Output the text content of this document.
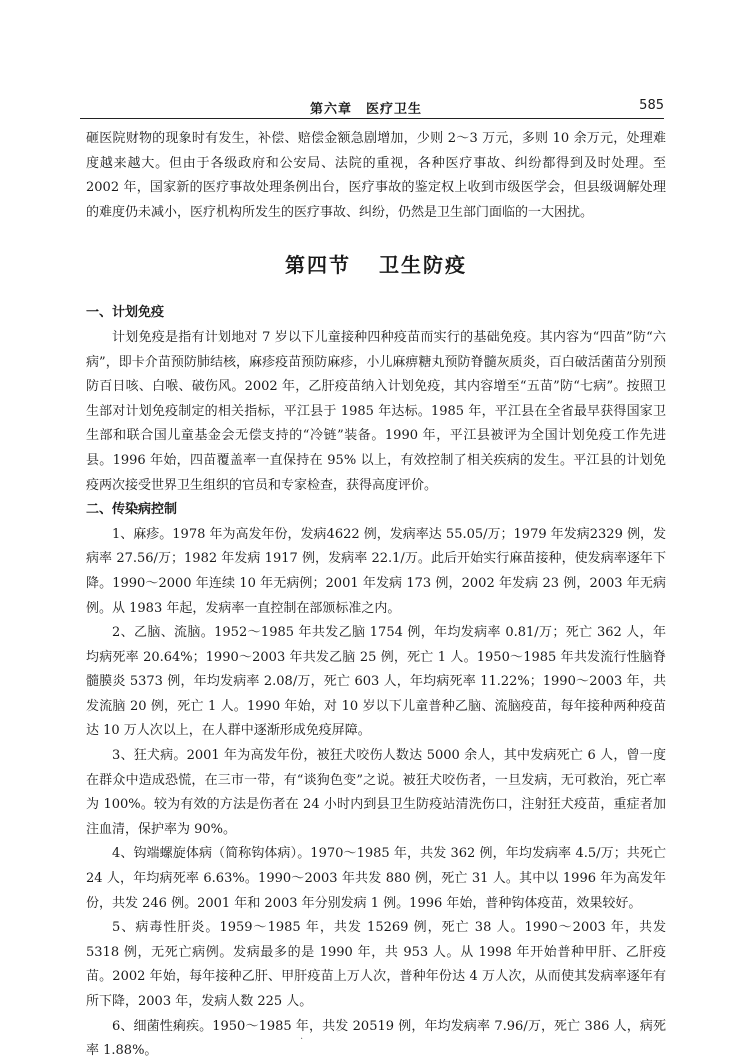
第六章　医疗卫生	585

砸医院财物的现象时有发生，补偿、赔偿金额急剧增加，少则 2～3 万元，多则 10 余万元，处理难度越来越大。但由于各级政府和公安局、法院的重视，各种医疗事故、纠纷都得到及时处理。至 2002 年，国家新的医疗事故处理条例出台，医疗事故的鉴定权上收到市级医学会，但县级调解处理的难度仍未减小，医疗机构所发生的医疗事故、纠纷，仍然是卫生部门面临的一大困扰。

第四节 卫生防疫

一、计划免疫

计划免疫是指有计划地对 7 岁以下儿童接种四种疫苗而实行的基础免疫。其内容为“四苗”防“六病”，即卡介苗预防肺结核，麻疹疫苗预防麻疹，小儿麻痹糖丸预防脊髓灰质炎，百白破活菌苗分别预防百日咳、白喉、破伤风。2002 年，乙肝疫苗纳入计划免疫，其内容增至“五苗”防“七病”。按照卫生部对计划免疫制定的相关指标，平江县于 1985 年达标。1985 年，平江县在全省最早获得国家卫生部和联合国儿童基金会无偿支持的“冷链”装备。1990 年，平江县被评为全国计划免疫工作先进县。1996 年始，四苗覆盖率一直保持在 95% 以上，有效控制了相关疾病的发生。平江县的计划免疫两次接受世界卫生组织的官员和专家检查，获得高度评价。

二、传染病控制

1、麻疹。1978 年为高发年份，发病4622 例，发病率达 55.05/万；1979 年发病2329 例，发病率 27.56/万；1982 年发病 1917 例，发病率 22.1/万。此后开始实行麻苗接种，使发病率逐年下降。1990～2000 年连续 10 年无病例；2001 年发病 173 例，2002 年发病 23 例，2003 年无病例。从 1983 年起，发病率一直控制在部颁标准之内。

2、乙脑、流脑。1952～1985 年共发乙脑 1754 例，年均发病率 0.81/万；死亡 362 人，年均病死率 20.64%；1990～2003 年共发乙脑 25 例，死亡 1 人。1950～1985 年共发流行性脑脊髓膜炎 5373 例，年均发病率 2.08/万，死亡 603 人，年均病死率 11.22%；1990～2003 年，共发流脑 20 例，死亡 1 人。1990 年始，对 10 岁以下儿童普种乙脑、流脑疫苗，每年接种两种疫苗达 10 万人次以上，在人群中逐渐形成免疫屏障。

3、狂犬病。2001 年为高发年份，被狂犬咬伤人数达 5000 余人，其中发病死亡 6 人，曾一度在群众中造成恐慌，在三市一带，有“谈狗色变”之说。被狂犬咬伤者，一旦发病，无可救治，死亡率为 100%。较为有效的方法是伤者在 24 小时内到县卫生防疫站清洗伤口，注射狂犬疫苗，重症者加注血清，保护率为 90%。

4、钩端螺旋体病（简称钩体病）。1970～1985 年，共发 362 例，年均发病率 4.5/万；共死亡 24 人，年均病死率 6.63%。1990～2003 年共发 880 例，死亡 31 人。其中以 1996 年为高发年份，共发 246 例。2001 年和 2003 年分别发病 1 例。1996 年始，普种钩体疫苗，效果较好。

5、病毒性肝炎。1959～1985 年，共发 15269 例，死亡 38 人。1990～2003 年，共发 5318 例，无死亡病例。发病最多的是 1990 年，共 953 人。从 1998 年开始普种甲肝、乙肝疫苗。2002 年始，每年接种乙肝、甲肝疫苗上万人次，普种年份达 4 万人次，从而使其发病率逐年有所下降，2003 年，发病人数 225 人。

6、细菌性痢疾。1950～1985 年，共发 20519 例，年均发病率 7.96/万，死亡 386 人，病死率 1.88%。

·
